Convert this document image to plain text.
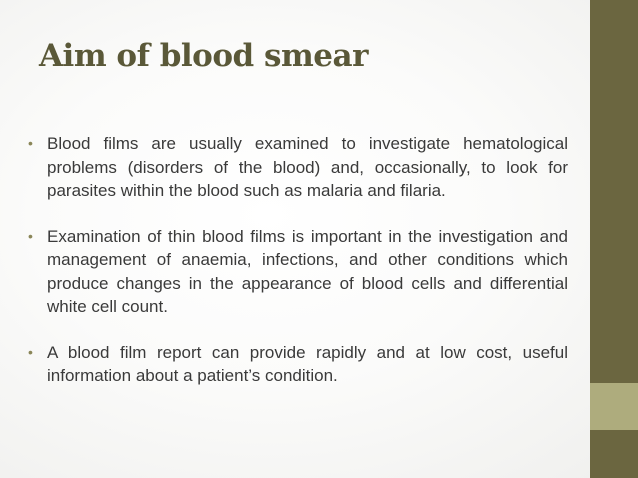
Aim of blood smear
• Blood films are usually examined to investigate hematological problems (disorders of the blood) and, occasionally, to look for parasites within the blood such as malaria and filaria.
• Examination of thin blood films is important in the investigation and management of anaemia, infections, and other conditions which produce changes in the appearance of blood cells and differential white cell count.
• A blood film report can provide rapidly and at low cost, useful information about a patient’s condition.
